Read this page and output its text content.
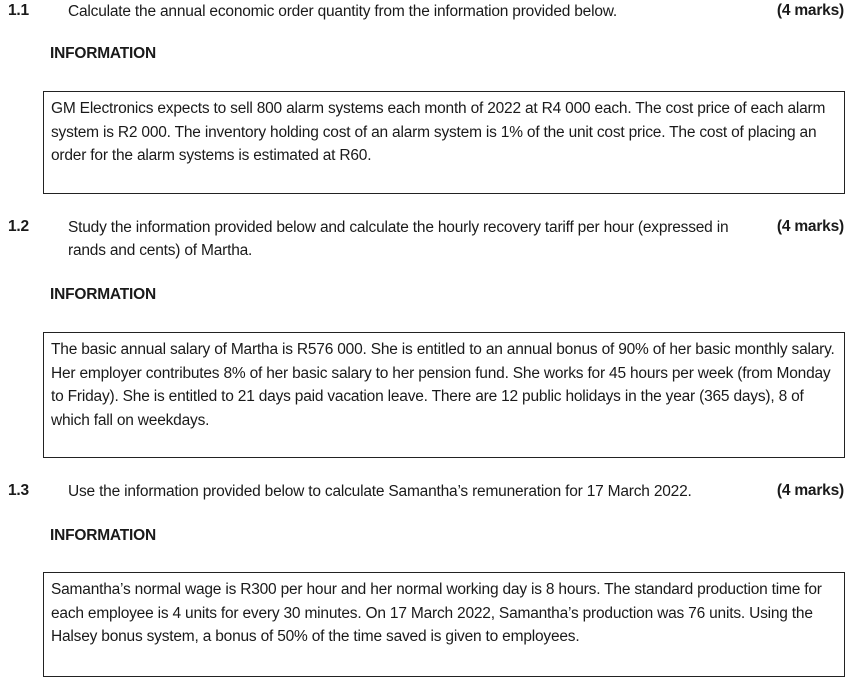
1.1	Calculate the annual economic order quantity from the information provided below.	(4 marks)
INFORMATION
GM Electronics expects to sell 800 alarm systems each month of 2022 at R4 000 each. The cost price of each alarm system is R2 000. The inventory holding cost of an alarm system is 1% of the unit cost price. The cost of placing an order for the alarm systems is estimated at R60.
1.2	Study the information provided below and calculate the hourly recovery tariff per hour (expressed in rands and cents) of Martha.
(4 marks)
INFORMATION
The basic annual salary of Martha is R576 000. She is entitled to an annual bonus of 90% of her basic monthly salary. Her employer contributes 8% of her basic salary to her pension fund. She works for 45 hours per week (from Monday to Friday). She is entitled to 21 days paid vacation leave. There are 12 public holidays in the year (365 days), 8 of which fall on weekdays.
1.3	Use the information provided below to calculate Samantha’s remuneration for 17 March 2022.	(4 marks)
INFORMATION
Samantha’s normal wage is R300 per hour and her normal working day is 8 hours. The standard production time for each employee is 4 units for every 30 minutes. On 17 March 2022, Samantha’s production was 76 units. Using the Halsey bonus system, a bonus of 50% of the time saved is given to employees.
